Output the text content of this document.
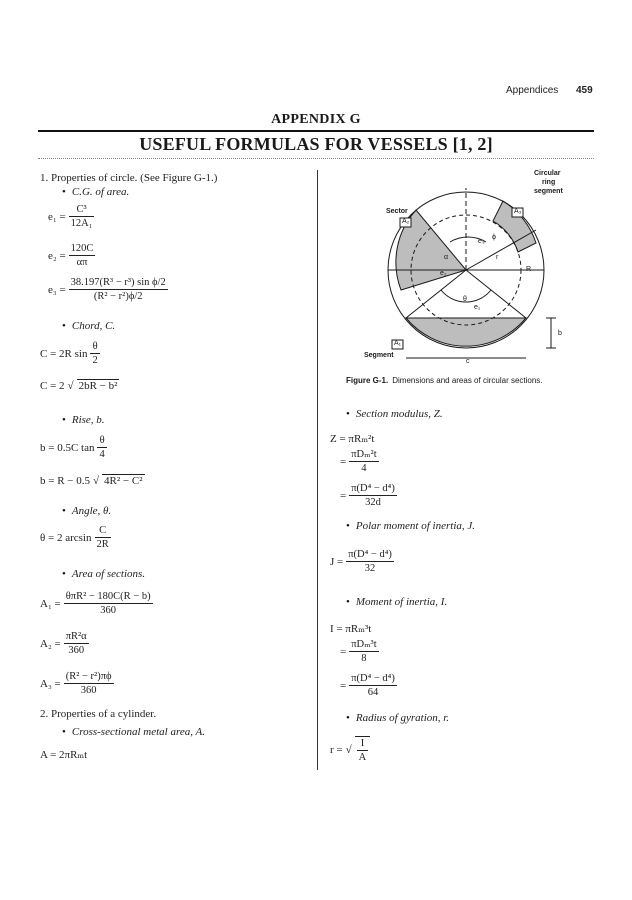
Appendices 459
APPENDIX G
USEFUL FORMULAS FOR VESSELS [1, 2]
1. Properties of circle. (See Figure G-1.)
• C.G. of area.
$e_1 = \frac{\text{C³}}{\text{12A₁}}$
$e_2 = \frac{120C}{\alpha\pi}$
$e_3 = \frac{\text{38.197(R³ − r³) sin ϕ/2}}{\text{(R² − r²)ϕ/2}}$
• Chord, C.
C = 2R $\sin \frac{\theta}{2}$
C = 2 √ 2bR − b²
• Rise, b.
b = 0.5C $\tan \frac{\theta}{4}$
b = R − 0.5 √ 4R² − C²
• Angle, θ.
θ = 2 $\arcsin \frac{C}{2R}$
• Area of sections.
$A_1 = \frac{\text{θπR² − 180C(R − b)}}{360}$
$A_2 = \frac{\text{πR²α}}{360}$
$A_3 = \frac{\text{(R² − r²)πϕ}}{360}$
2. Properties of a cylinder.
• Cross-sectional metal area, A.
A = 2πRₘt
A₃
A₂
A₁
Circular
ring
segment
Sector
Segment
c
b
r
R
θ
α
ϕ
e₁
e₂
e₃
Figure G-1. Dimensions and areas of circular sections.
• Section modulus, Z.
Z = πRₘ²t
= $\frac{\text{πDₘ²t}}{4}$
= $\frac{\text{π(D⁴ − d⁴)}}{32d}$
• Polar moment of inertia, J.
$J = \frac{\text{π(D⁴ − d⁴)}}{32}$
• Moment of inertia, I.
I = πRₘ³t
= $\frac{\text{πDₘ³t}}{8}$
= $\frac{\text{π(D⁴ − d⁴)}}{64}$
• Radius of gyration, r.
r = √ $\frac{I}{A}$
